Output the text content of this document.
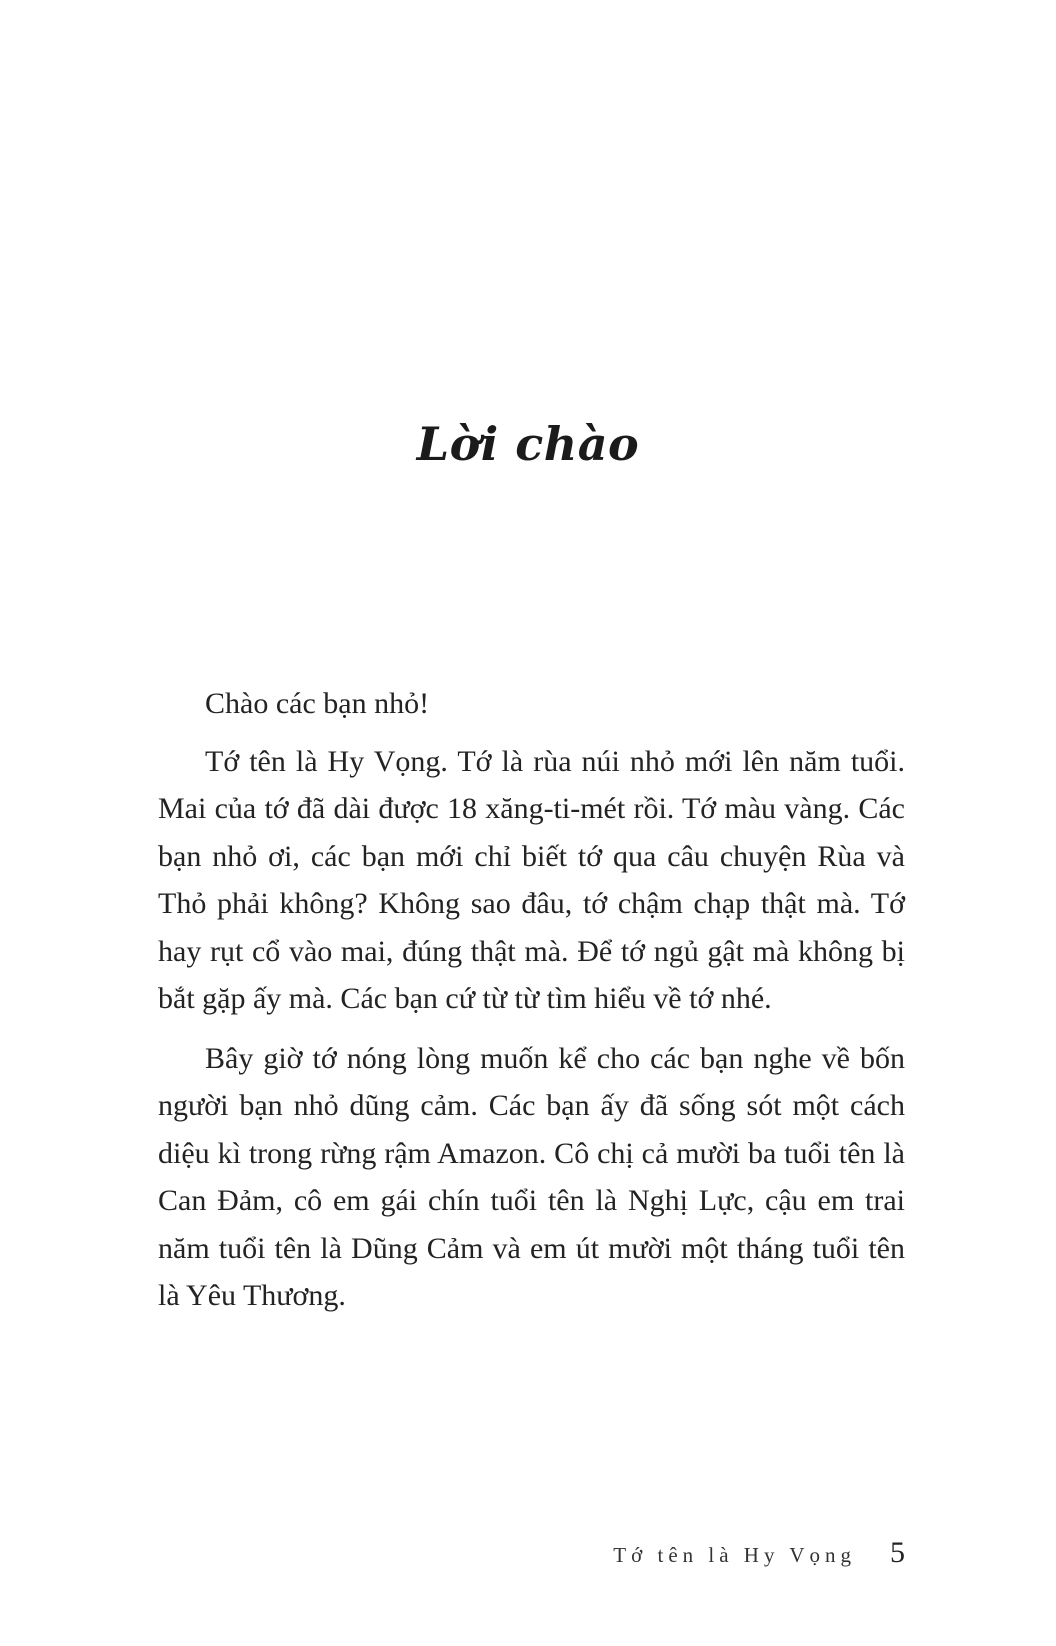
Lời chào

Chào các bạn nhỏ!

Tớ tên là Hy Vọng. Tớ là rùa núi nhỏ mới lên năm tuổi. Mai của tớ đã dài được 18 xăng-ti-mét rồi. Tớ màu vàng. Các bạn nhỏ ơi, các bạn mới chỉ biết tớ qua câu chuyện Rùa và Thỏ phải không? Không sao đâu, tớ chậm chạp thật mà. Tớ hay rụt cổ vào mai, đúng thật mà. Để tớ ngủ gật mà không bị bắt gặp ấy mà. Các bạn cứ từ từ tìm hiểu về tớ nhé.

Bây giờ tớ nóng lòng muốn kể cho các bạn nghe về bốn người bạn nhỏ dũng cảm. Các bạn ấy đã sống sót một cách diệu kì trong rừng rậm Amazon. Cô chị cả mười ba tuổi tên là Can Đảm, cô em gái chín tuổi tên là Nghị Lực, cậu em trai năm tuổi tên là Dũng Cảm và em út mười một tháng tuổi tên là Yêu Thương.

Tớ tên là Hy Vọng 5
